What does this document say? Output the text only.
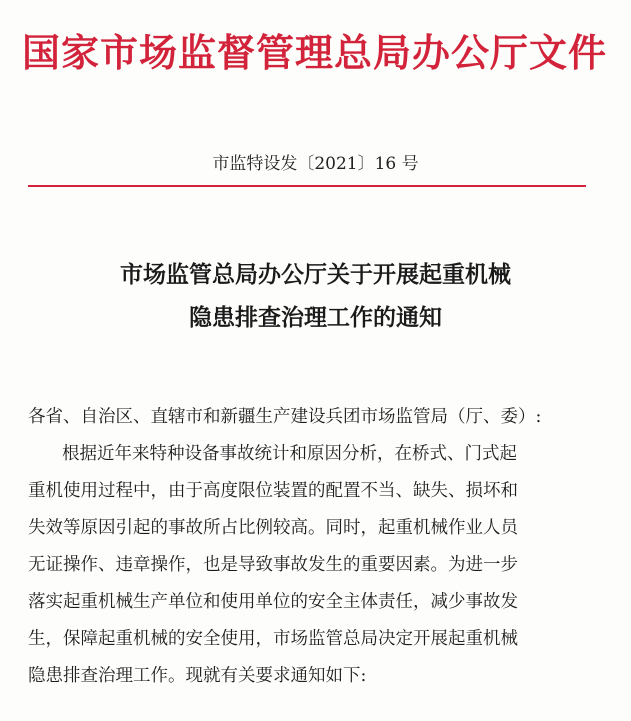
国家市场监督管理总局办公厅文件
市监特设发〔2021〕16 号
市场监管总局办公厅关于开展起重机械
隐患排查治理工作的通知
各省、自治区、直辖市和新疆生产建设兵团市场监管局（厅、委）:
根据近年来特种设备事故统计和原因分析，在桥式、门式起
重机使用过程中，由于高度限位装置的配置不当、缺失、损坏和
失效等原因引起的事故所占比例较高。同时，起重机械作业人员
无证操作、违章操作，也是导致事故发生的重要因素。为进一步
落实起重机械生产单位和使用单位的安全主体责任，减少事故发
生，保障起重机械的安全使用，市场监管总局决定开展起重机械
隐患排查治理工作。现就有关要求通知如下:
